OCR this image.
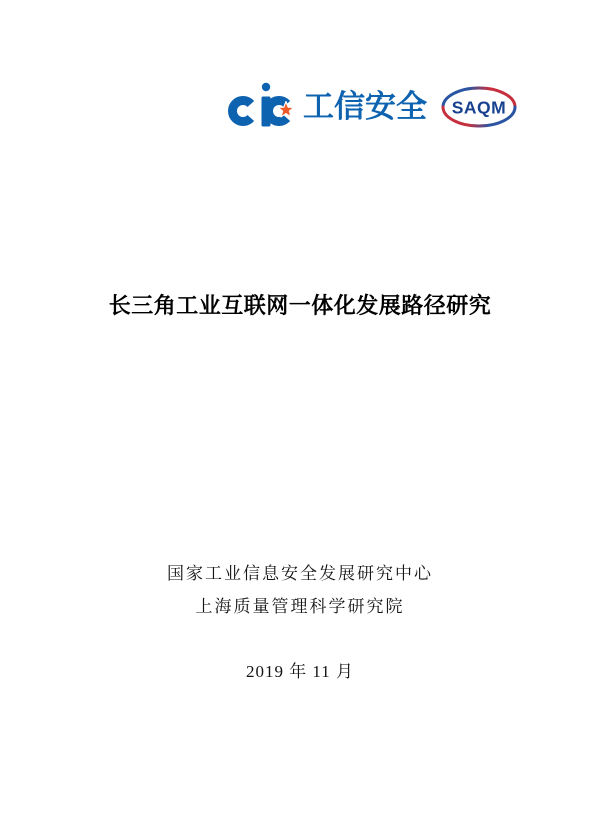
工信安全 SAQM
长三角工业互联网一体化发展路径研究
国家工业信息安全发展研究中心
上海质量管理科学研究院
2019 年 11 月
